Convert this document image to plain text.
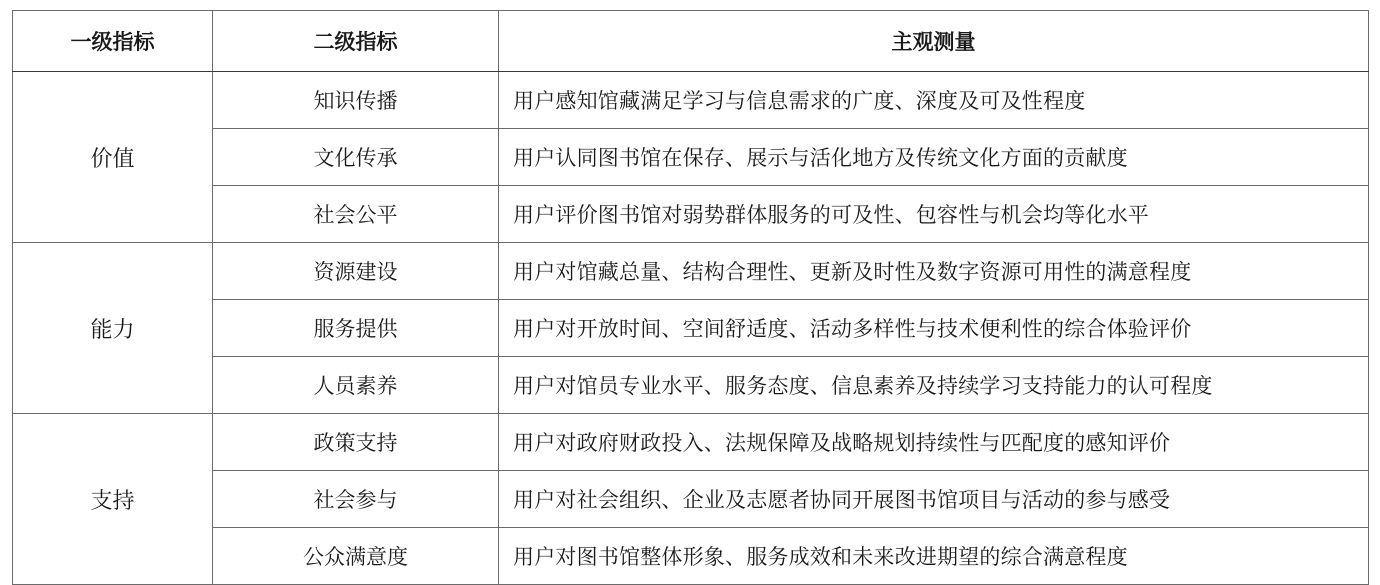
一级指标	二级指标	主观测量
价值	知识传播	用户感知馆藏满足学习与信息需求的广度、深度及可及性程度
	文化传承	用户认同图书馆在保存、展示与活化地方及传统文化方面的贡献度
	社会公平	用户评价图书馆对弱势群体服务的可及性、包容性与机会均等化水平
能力	资源建设	用户对馆藏总量、结构合理性、更新及时性及数字资源可用性的满意程度
	服务提供	用户对开放时间、空间舒适度、活动多样性与技术便利性的综合体验评价
	人员素养	用户对馆员专业水平、服务态度、信息素养及持续学习支持能力的认可程度
支持	政策支持	用户对政府财政投入、法规保障及战略规划持续性与匹配度的感知评价
	社会参与	用户对社会组织、企业及志愿者协同开展图书馆项目与活动的参与感受
	公众满意度	用户对图书馆整体形象、服务成效和未来改进期望的综合满意程度
